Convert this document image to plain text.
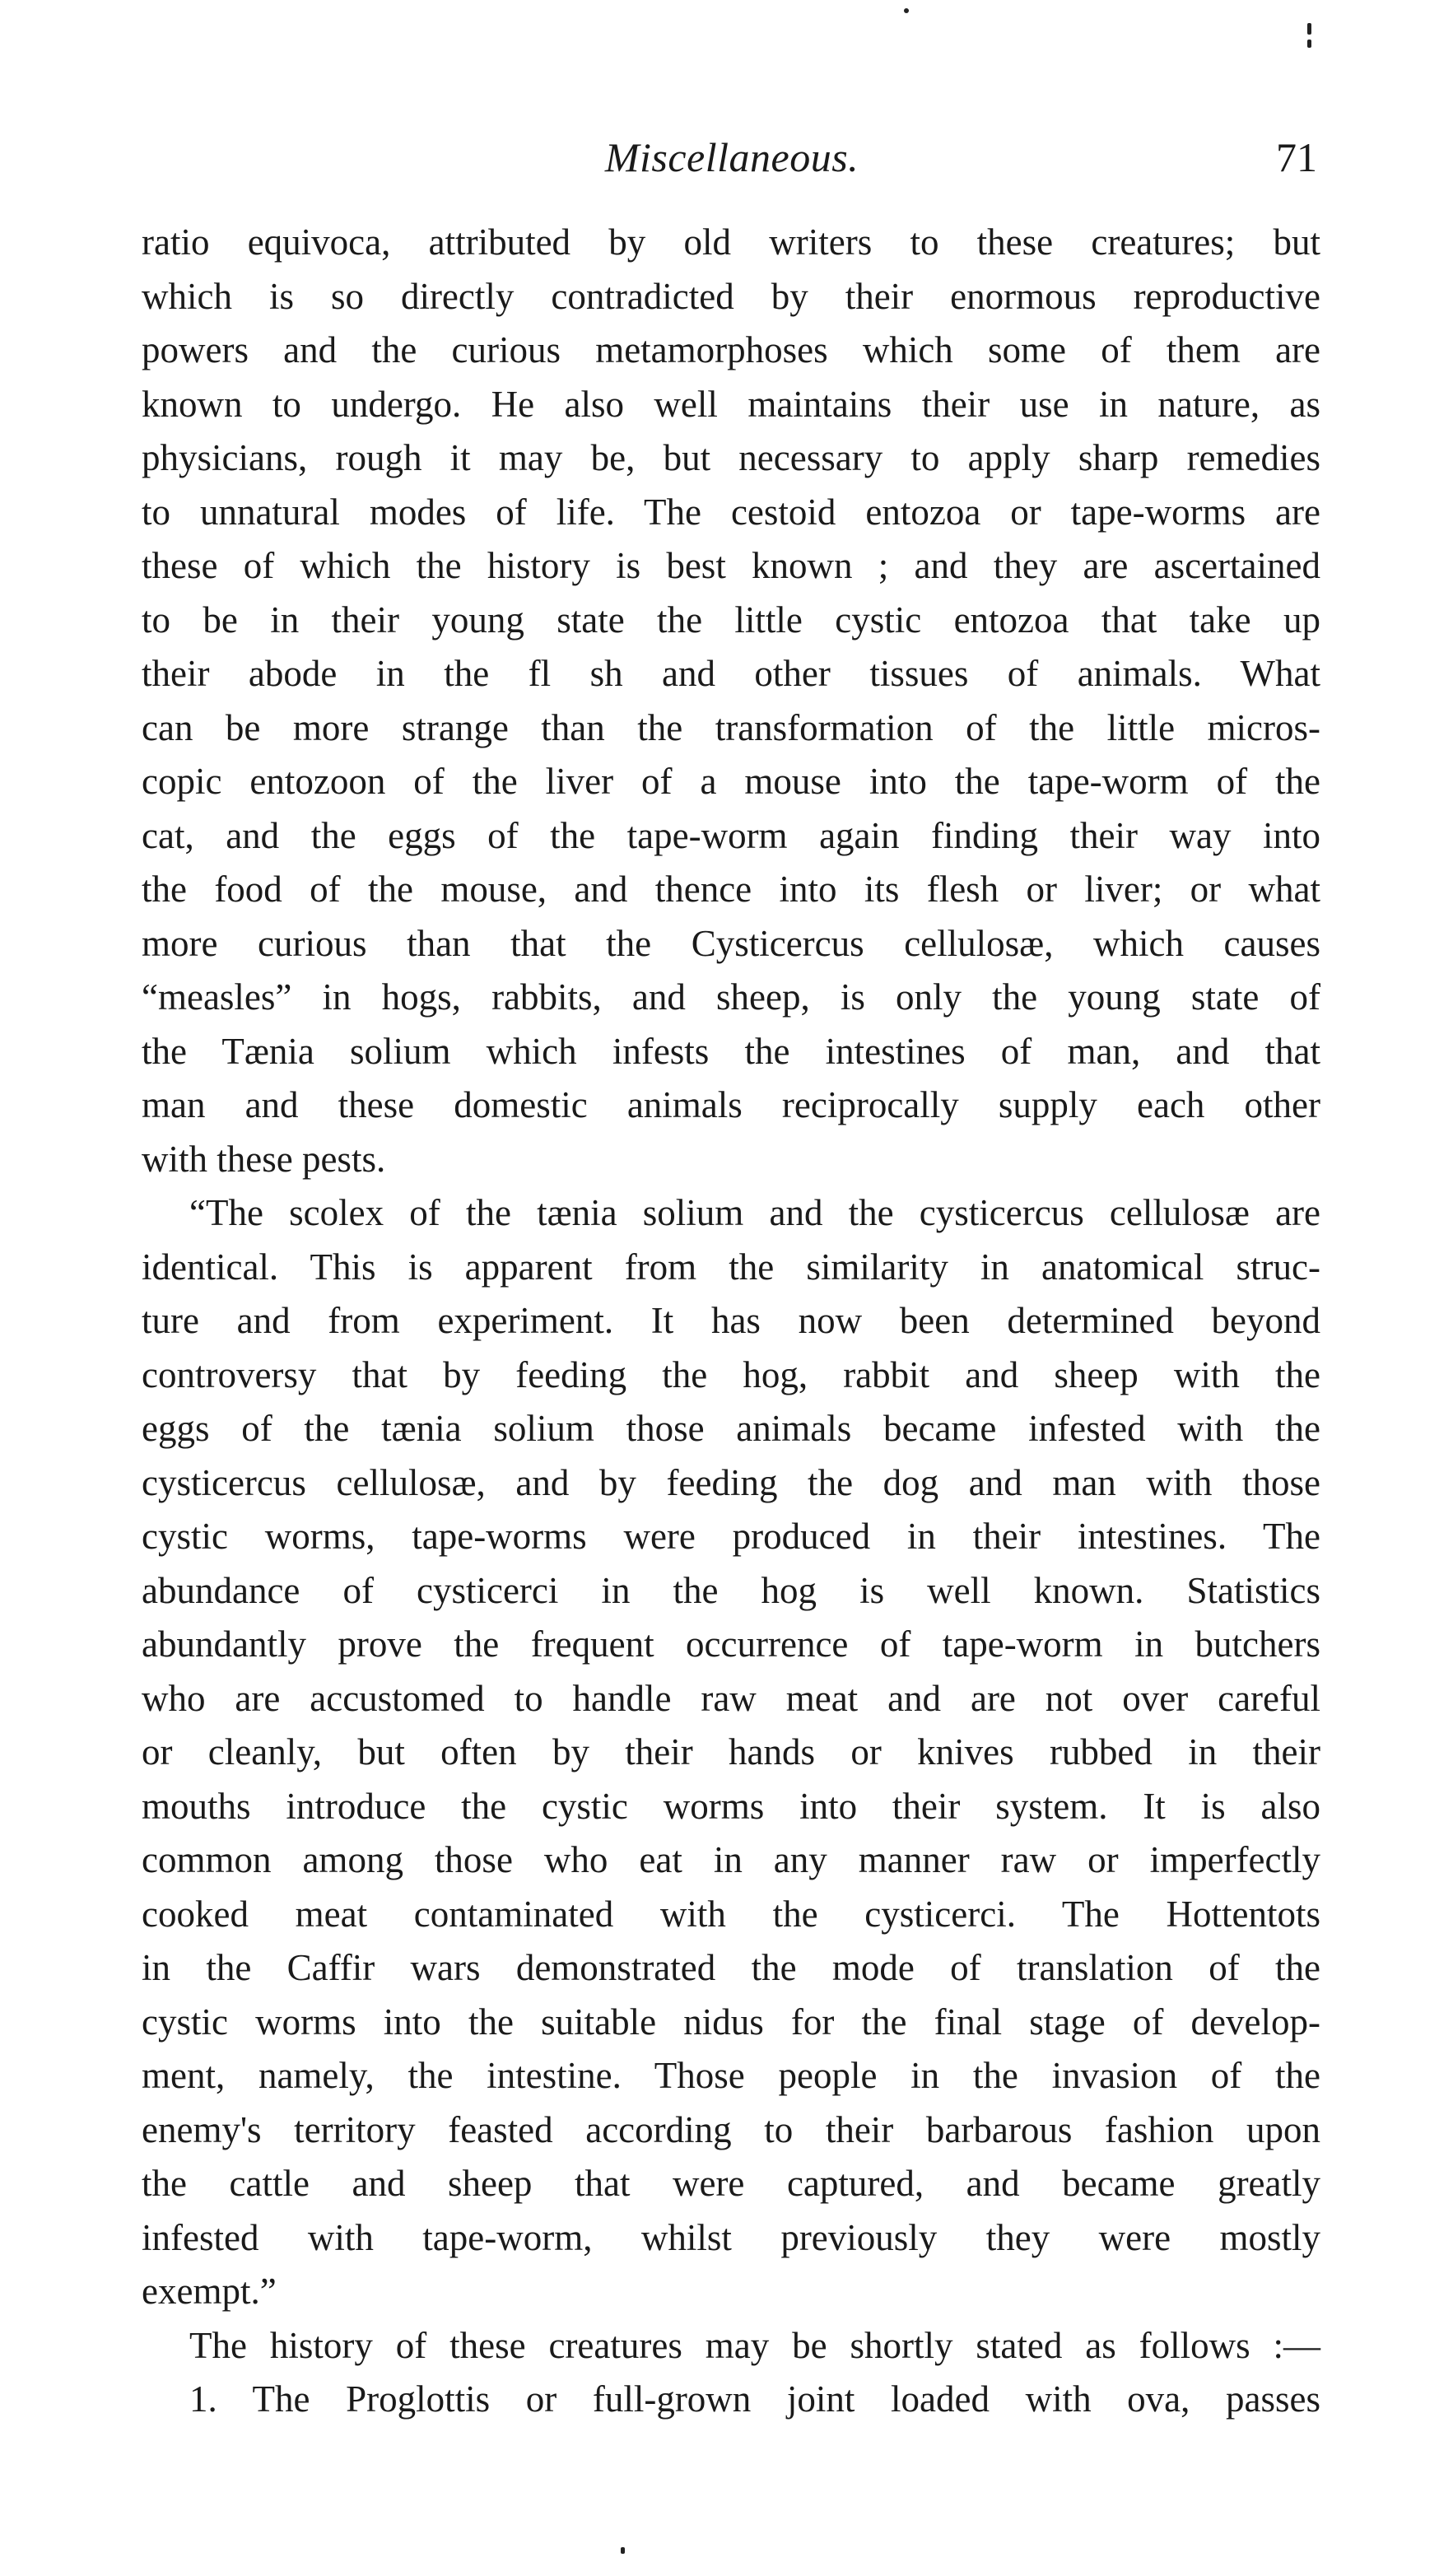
Miscellaneous.	71
ratio equivoca, attributed by old writers to these creatures; but
which is so directly contradicted by their enormous reproductive
powers and the curious metamorphoses which some of them are
known to undergo. He also well maintains their use in nature, as
physicians, rough it may be, but necessary to apply sharp remedies
to unnatural modes of life. The cestoid entozoa or tape-worms are
these of which the history is best known ; and they are ascertained
to be in their young state the little cystic entozoa that take up
their abode in the fl sh and other tissues of animals. What
can be more strange than the transformation of the little micros-
copic entozoon of the liver of a mouse into the tape-worm of the
cat, and the eggs of the tape-worm again finding their way into
the food of the mouse, and thence into its flesh or liver; or what
more curious than that the Cysticercus cellulosæ, which causes
“measles” in hogs, rabbits, and sheep, is only the young state of
the Tænia solium which infests the intestines of man, and that
man and these domestic animals reciprocally supply each other
with these pests.
“The scolex of the tænia solium and the cysticercus cellulosæ are
identical. This is apparent from the similarity in anatomical struc-
ture and from experiment. It has now been determined beyond
controversy that by feeding the hog, rabbit and sheep with the
eggs of the tænia solium those animals became infested with the
cysticercus cellulosæ, and by feeding the dog and man with those
cystic worms, tape-worms were produced in their intestines. The
abundance of cysticerci in the hog is well known. Statistics
abundantly prove the frequent occurrence of tape-worm in butchers
who are accustomed to handle raw meat and are not over careful
or cleanly, but often by their hands or knives rubbed in their
mouths introduce the cystic worms into their system. It is also
common among those who eat in any manner raw or imperfectly
cooked meat contaminated with the cysticerci. The Hottentots
in the Caffir wars demonstrated the mode of translation of the
cystic worms into the suitable nidus for the final stage of develop-
ment, namely, the intestine. Those people in the invasion of the
enemy's territory feasted according to their barbarous fashion upon
the cattle and sheep that were captured, and became greatly
infested with tape-worm, whilst previously they were mostly
exempt.”
The history of these creatures may be shortly stated as follows :—
1. The Proglottis or full-grown joint loaded with ova, passes
